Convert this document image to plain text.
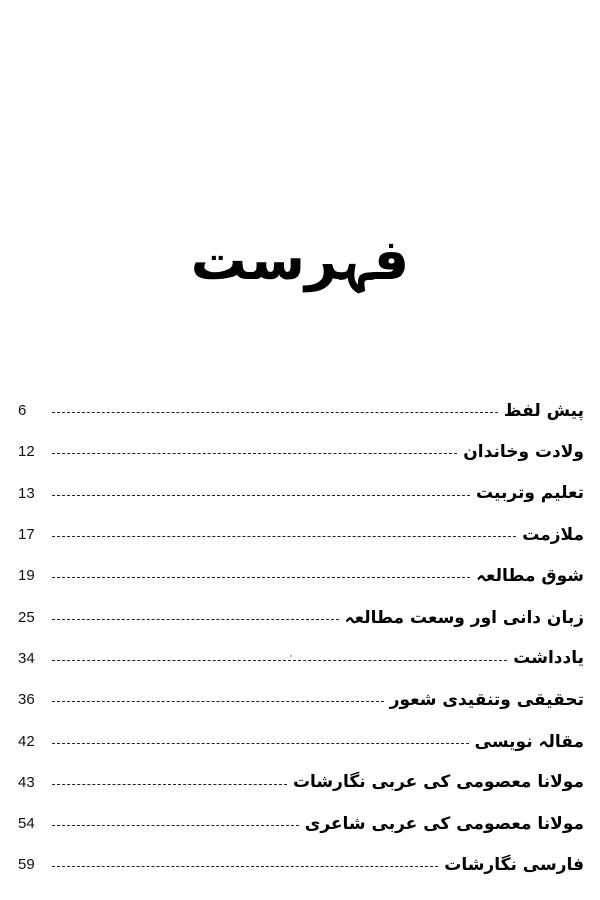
فہرست
6	پیش لفظ
12	ولادت وخاندان
13	تعلیم وتربیت
17	ملازمت
19	شوق مطالعہ
25	زبان دانی اور وسعت مطالعہ
34	یادداشت
36	تحقیقی وتنقیدی شعور
42	مقالہ نویسی
43	مولانا معصومی کی عربی نگارشات
54	مولانا معصومی کی عربی شاعری
59	فارسی نگارشات
